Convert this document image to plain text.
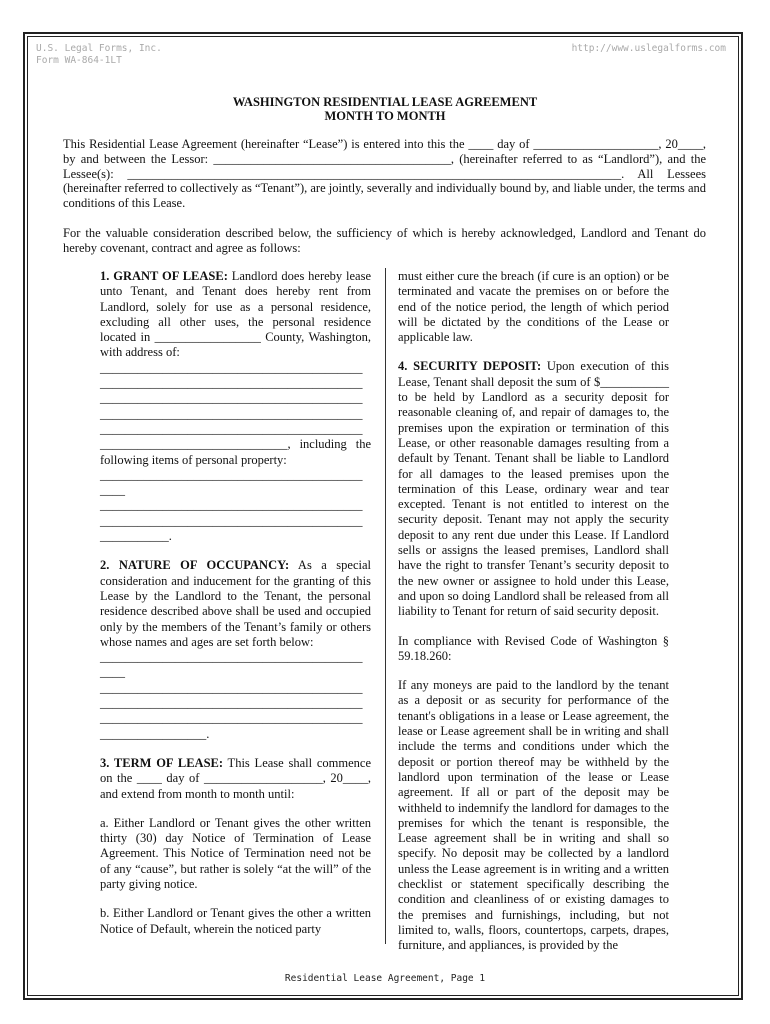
U.S. Legal Forms, Inc.
Form WA-864-1LT
http://www.uslegalforms.com
WASHINGTON RESIDENTIAL LEASE AGREEMENT
MONTH TO MONTH

This Residential Lease Agreement (hereinafter “Lease”) is entered into this the ____ day of ____________________, 20____, by and between the Lessor: ______________________________________, (hereinafter referred to as “Landlord”), and the Lessee(s): _______________________________________________________________________________. All Lessees (hereinafter referred to collectively as “Tenant”), are jointly, severally and individually bound by, and liable under, the terms and conditions of this Lease.

For the valuable consideration described below, the sufficiency of which is hereby acknowledged, Landlord and Tenant do hereby covenant, contract and agree as follows:

1. GRANT OF LEASE: Landlord does hereby lease unto Tenant, and Tenant does hereby rent from Landlord, solely for use as a personal residence, excluding all other uses, the personal residence located in _________________ County, Washington, with address of:
__________________________________________
__________________________________________
__________________________________________
__________________________________________
__________________________________________
______________________________, including the following items of personal property:
__________________________________________
____
__________________________________________
__________________________________________
___________.

2. NATURE OF OCCUPANCY: As a special consideration and inducement for the granting of this Lease by the Landlord to the Tenant, the personal residence described above shall be used and occupied only by the members of the Tenant’s family or others whose names and ages are set forth below:
__________________________________________
____
__________________________________________
__________________________________________
__________________________________________
_________________.

3. TERM OF LEASE: This Lease shall commence on the ____ day of ___________________, 20____, and extend from month to month until:

a. Either Landlord or Tenant gives the other written thirty (30) day Notice of Termination of Lease Agreement. This Notice of Termination need not be of any “cause”, but rather is solely “at the will” of the party giving notice.

b. Either Landlord or Tenant gives the other a written Notice of Default, wherein the noticed party

must either cure the breach (if cure is an option) or be terminated and vacate the premises on or before the end of the notice period, the length of which period will be dictated by the conditions of the Lease or applicable law.

4. SECURITY DEPOSIT: Upon execution of this Lease, Tenant shall deposit the sum of $___________ to be held by Landlord as a security deposit for reasonable cleaning of, and repair of damages to, the premises upon the expiration or termination of this Lease, or other reasonable damages resulting from a default by Tenant. Tenant shall be liable to Landlord for all damages to the leased premises upon the termination of this Lease, ordinary wear and tear excepted. Tenant is not entitled to interest on the security deposit. Tenant may not apply the security deposit to any rent due under this Lease. If Landlord sells or assigns the leased premises, Landlord shall have the right to transfer Tenant’s security deposit to the new owner or assignee to hold under this Lease, and upon so doing Landlord shall be released from all liability to Tenant for return of said security deposit.

In compliance with Revised Code of Washington § 59.18.260:

If any moneys are paid to the landlord by the tenant as a deposit or as security for performance of the tenant's obligations in a lease or Lease agreement, the lease or Lease agreement shall be in writing and shall include the terms and conditions under which the deposit or portion thereof may be withheld by the landlord upon termination of the lease or Lease agreement. If all or part of the deposit may be withheld to indemnify the landlord for damages to the premises for which the tenant is responsible, the Lease agreement shall be in writing and shall so specify. No deposit may be collected by a landlord unless the Lease agreement is in writing and a written checklist or statement specifically describing the condition and cleanliness of or existing damages to the premises and furnishings, including, but not limited to, walls, floors, countertops, carpets, drapes, furniture, and appliances, is provided by the

Residential Lease Agreement, Page 1
